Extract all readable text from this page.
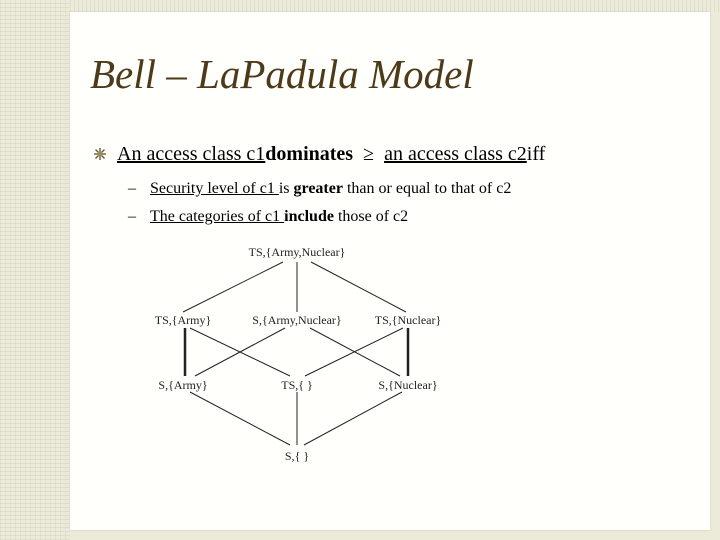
Bell – LaPadula Model
An access class c1 dominates ≥ an access class c2 iff
– Security level of c1 is greater than or equal to that of c2
– The categories of c1 include those of c2
TS,{Army,Nuclear}
TS,{Army}	S,{Army,Nuclear}	TS,{Nuclear}
S,{Army}	TS,{ }	S,{Nuclear}
S,{ }
